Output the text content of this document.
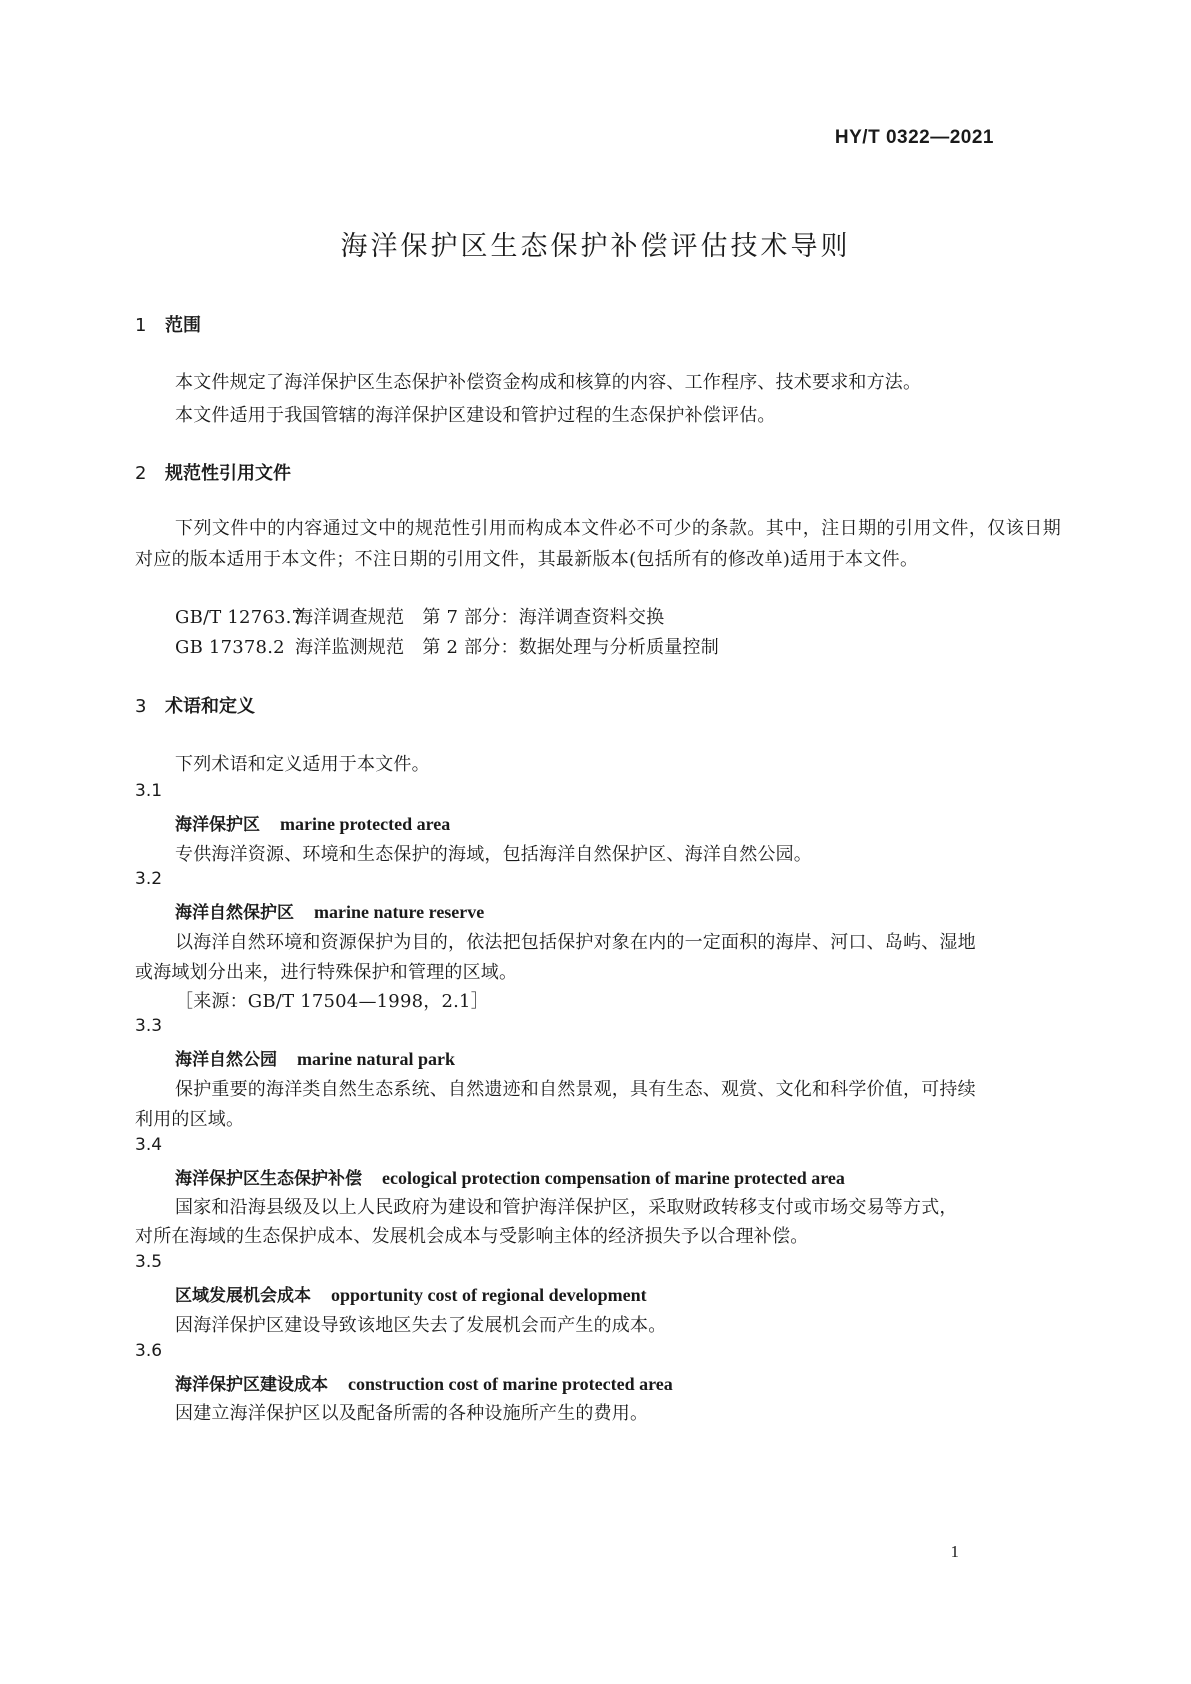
HY/T 0322—2021
海洋保护区生态保护补偿评估技术导则
1 范围
本文件规定了海洋保护区生态保护补偿资金构成和核算的内容、工作程序、技术要求和方法。
本文件适用于我国管辖的海洋保护区建设和管护过程的生态保护补偿评估。
2 规范性引用文件
下列文件中的内容通过文中的规范性引用而构成本文件必不可少的条款。其中，注日期的引用文件，仅该日期对应的版本适用于本文件；不注日期的引用文件，其最新版本(包括所有的修改单)适用于本文件。
GB/T 12763.7海洋调查规范　第 7 部分：海洋调查资料交换
GB 17378.2 海洋监测规范　第 2 部分：数据处理与分析质量控制
3 术语和定义
下列术语和定义适用于本文件。
3.1
海洋保护区 marine protected area
专供海洋资源、环境和生态保护的海域，包括海洋自然保护区、海洋自然公园。
3.2
海洋自然保护区 marine nature reserve
以海洋自然环境和资源保护为目的，依法把包括保护对象在内的一定面积的海岸、河口、岛屿、湿地
或海域划分出来，进行特殊保护和管理的区域。
［来源：GB/T 17504—1998，2.1］
3.3
海洋自然公园 marine natural park
保护重要的海洋类自然生态系统、自然遗迹和自然景观，具有生态、观赏、文化和科学价值，可持续
利用的区域。
3.4
海洋保护区生态保护补偿 ecological protection compensation of marine protected area
国家和沿海县级及以上人民政府为建设和管护海洋保护区，采取财政转移支付或市场交易等方式，
对所在海域的生态保护成本、发展机会成本与受影响主体的经济损失予以合理补偿。
3.5
区域发展机会成本 opportunity cost of regional development
因海洋保护区建设导致该地区失去了发展机会而产生的成本。
3.6
海洋保护区建设成本 construction cost of marine protected area
因建立海洋保护区以及配备所需的各种设施所产生的费用。
1
